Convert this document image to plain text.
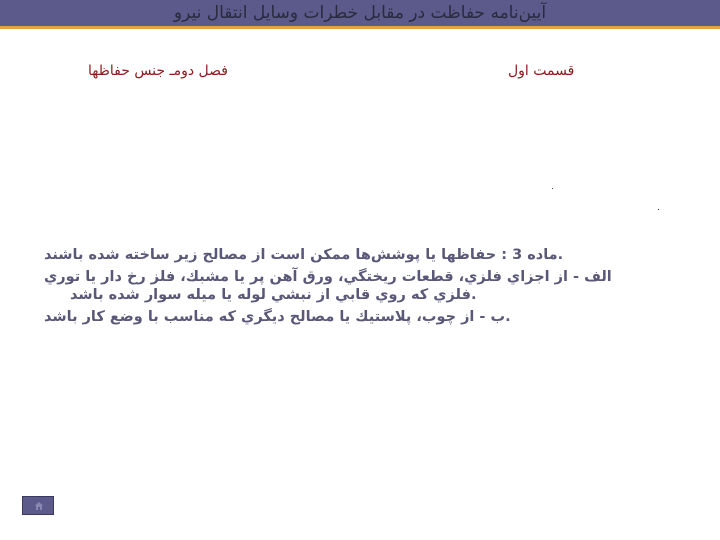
آيين‌نامه حفاظت در مقابل خطرات وسايل انتقال نيرو
فصل دومـ جنس حفاظها	قسمت اول
.ماده 3 : حفاظها يا پوشش‌ها ممكن است از مصالح زير ساخته شده باشند
الف - از اجزاي فلزي، قطعات ريختگي، ورق آهن پر يا مشبك، فلز رخ دار يا توري
.فلزي كه روي قابي از نبشي لوله يا ميله سوار شده باشد
.ب - از چوب، پلاستيك يا مصالح ديگري كه مناسب با وضع كار باشد
